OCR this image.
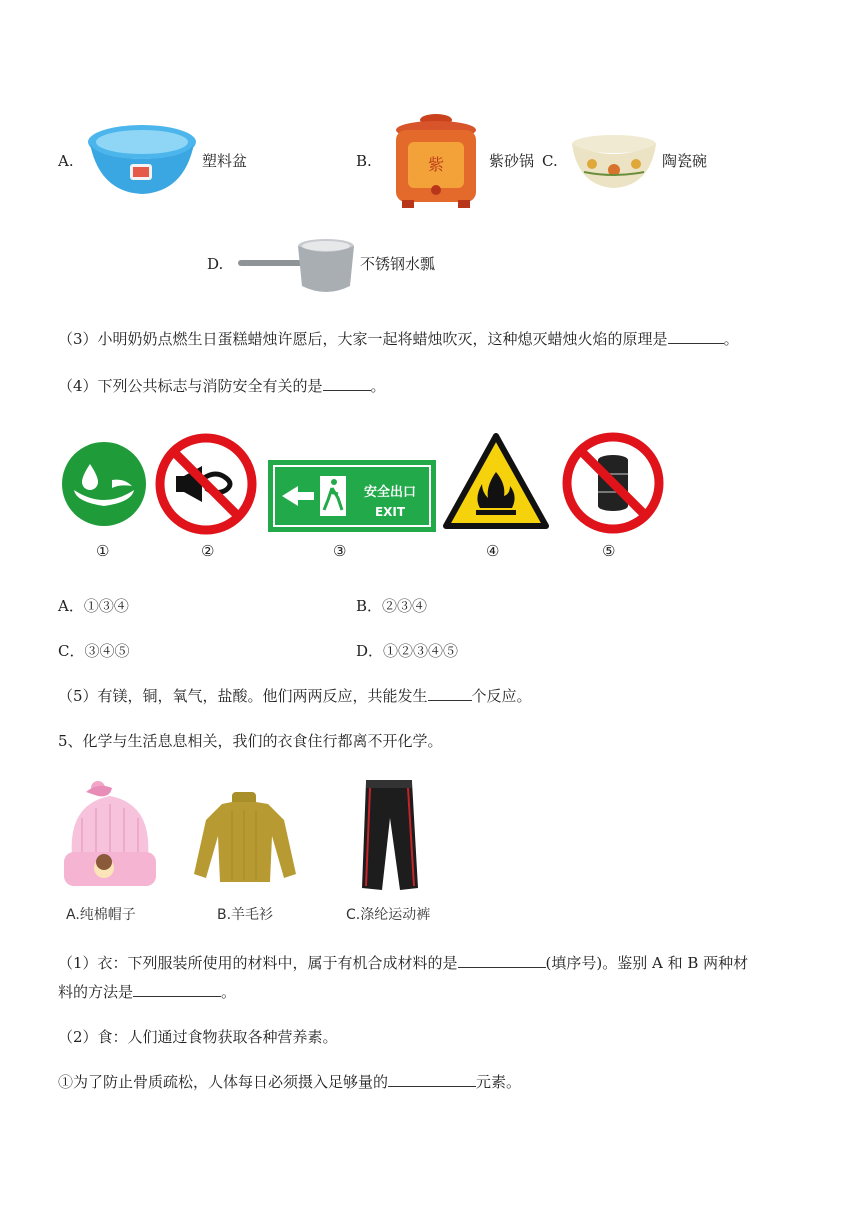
A.	塑料盆	B.	紫	紫砂锅 C.	陶瓷碗
D.	不锈钢水瓢
（3）小明奶奶点燃生日蛋糕蜡烛许愿后，大家一起将蜡烛吹灭，这种熄灭蜡烛火焰的原理是	。
（4）下列公共标志与消防安全有关的是	。
安全出口
EXIT
①	②	③	④	⑤
A．①③④	B．②③④
C．③④⑤	D．①②③④⑤
（5）有镁，铜，氧气，盐酸。他们两两反应，共能发生	个反应。
5、化学与生活息息相关，我们的衣食住行都离不开化学。
A.纯棉帽子	B.羊毛衫	C.涤纶运动裤
（1）衣：下列服装所使用的材料中，属于有机合成材料的是	(填序号)。鉴别 A 和 B 两种材
料的方法是	。
（2）食：人们通过食物获取各种营养素。
①为了防止骨质疏松，人体每日必须摄入足够量的	元素。
